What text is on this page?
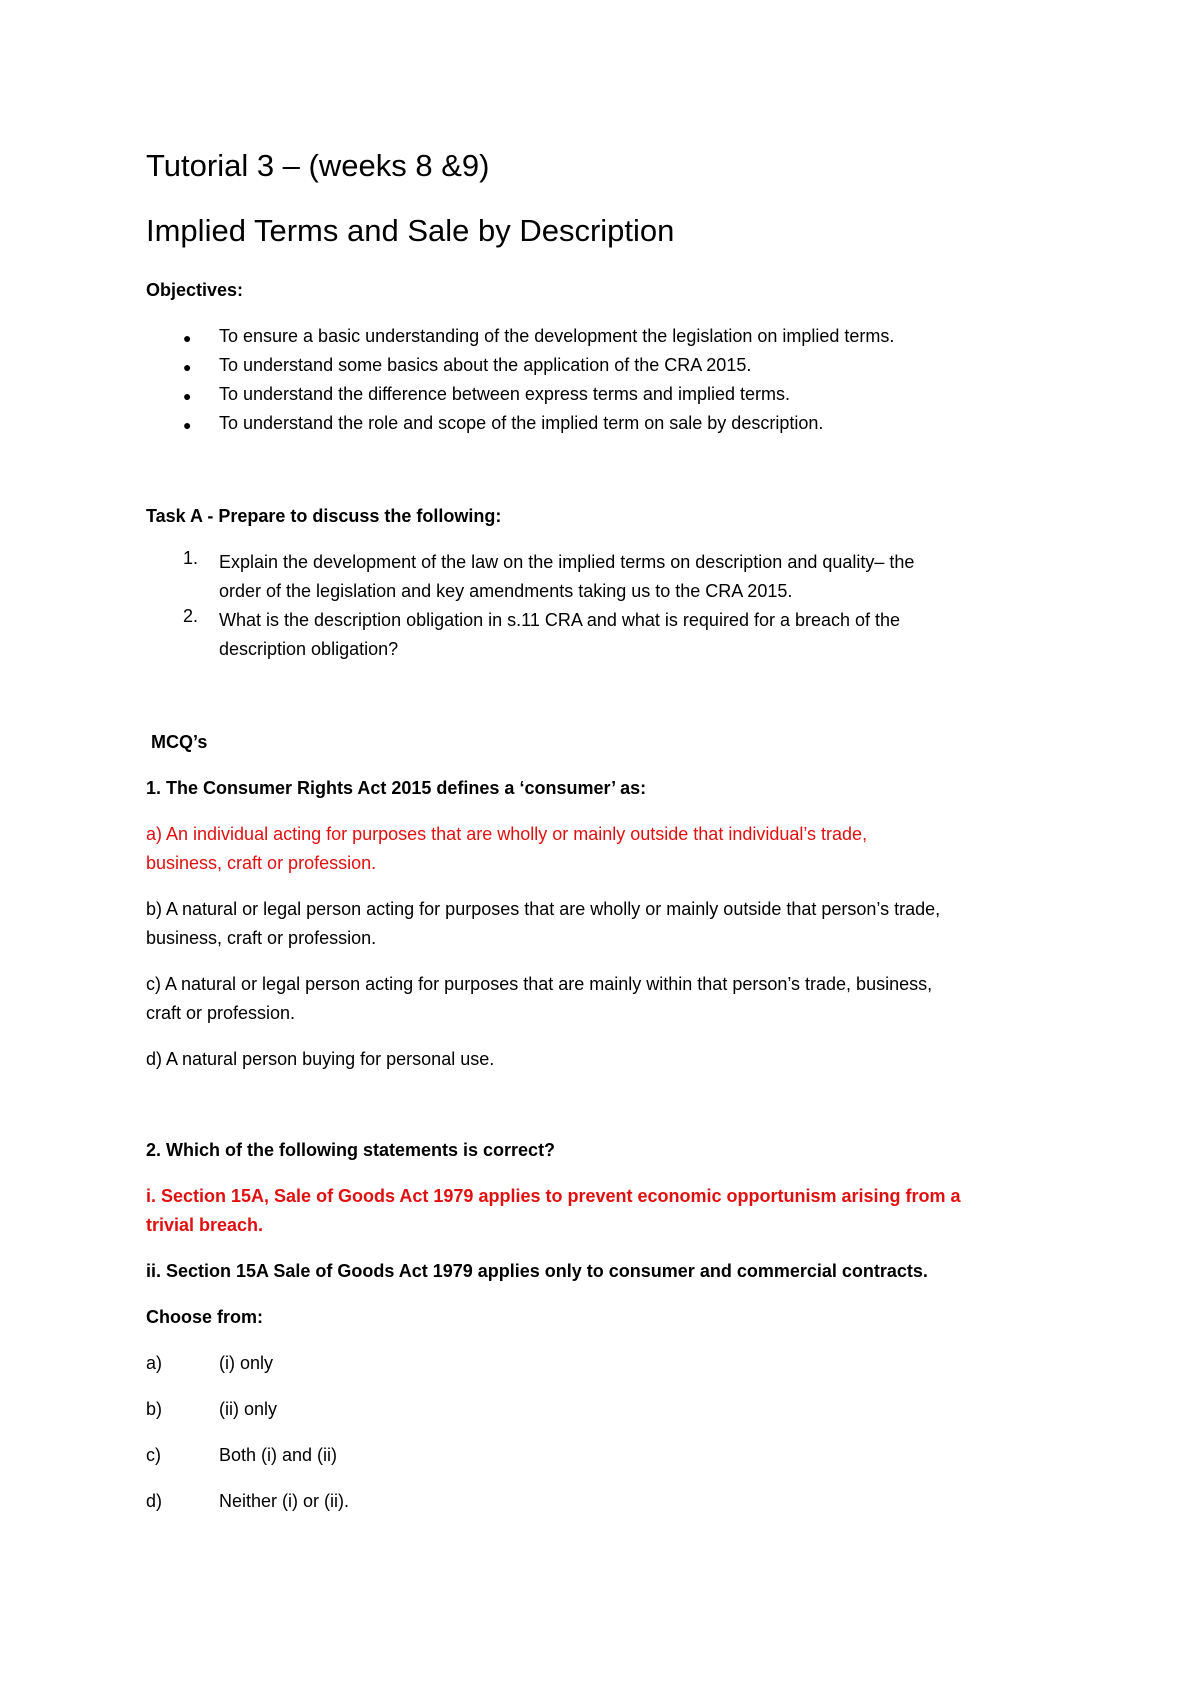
Tutorial 3 – (weeks 8 &9)
Implied Terms and Sale by Description
Objectives:
● To ensure a basic understanding of the development the legislation on implied terms.
● To understand some basics about the application of the CRA 2015.
● To understand the difference between express terms and implied terms.
● To understand the role and scope of the implied term on sale by description.
Task A - Prepare to discuss the following:
1. Explain the development of the law on the implied terms on description and quality– the
order of the legislation and key amendments taking us to the CRA 2015.
2. What is the description obligation in s.11 CRA and what is required for a breach of the
description obligation?
MCQ’s
1. The Consumer Rights Act 2015 defines a ‘consumer’ as:
a) An individual acting for purposes that are wholly or mainly outside that individual’s trade,
business, craft or profession.
b) A natural or legal person acting for purposes that are wholly or mainly outside that person’s trade,
business, craft or profession.
c) A natural or legal person acting for purposes that are mainly within that person’s trade, business,
craft or profession.
d) A natural person buying for personal use.
2. Which of the following statements is correct?
i. Section 15A, Sale of Goods Act 1979 applies to prevent economic opportunism arising from a
trivial breach.
ii. Section 15A Sale of Goods Act 1979 applies only to consumer and commercial contracts.
Choose from:
a)	(i) only
b)	(ii) only
c)	Both (i) and (ii)
d)	Neither (i) or (ii).
